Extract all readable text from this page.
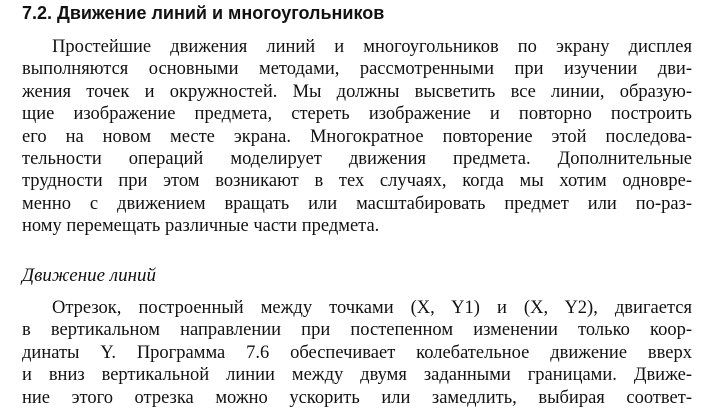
7.2. Движение линий и многоугольников

Простейшие движения линий и многоугольников по экрану дисплея
выполняются основными методами, рассмотренными при изучении дви-
жения точек и окружностей. Мы должны высветить все линии, образую-
щие изображение предмета, стереть изображение и повторно построить
его на новом месте экрана. Многократное повторение этой последова-
тельности операций моделирует движения предмета. Дополнительные
трудности при этом возникают в тех случаях, когда мы хотим одновре-
менно с движением вращать или масштабировать предмет или по-раз-
ному перемещать различные части предмета.

Движение линий

Отрезок, построенный между точками (X, Y1) и (X, Y2), двигается
в вертикальном направлении при постепенном изменении только коор-
динаты Y. Программа 7.6 обеспечивает колебательное движение вверх
и вниз вертикальной линии между двумя заданными границами. Движе-
ние этого отрезка можно ускорить или замедлить, выбирая соответ-
